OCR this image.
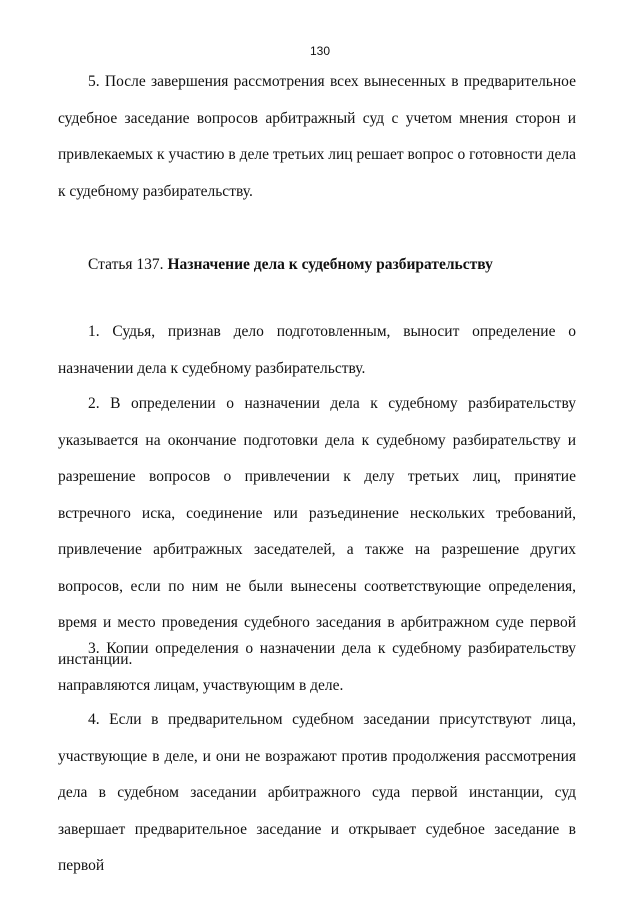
130

5. После завершения рассмотрения всех вынесенных в предварительное судебное заседание вопросов арбитражный суд с учетом мнения сторон и привлекаемых к участию в деле третьих лиц решает вопрос о готовности дела к судебному разбирательству.

Статья 137. Назначение дела к судебному разбирательству

1. Судья, признав дело подготовленным, выносит определение о назначении дела к судебному разбирательству.

2. В определении о назначении дела к судебному разбирательству указывается на окончание подготовки дела к судебному разбирательству и разрешение вопросов о привлечении к делу третьих лиц, принятие встречного иска, соединение или разъединение нескольких требований, привлечение арбитражных заседателей, а также на разрешение других вопросов, если по ним не были вынесены соответствующие определения, время и место проведения судебного заседания в арбитражном суде первой инстанции.

3. Копии определения о назначении дела к судебному разбирательству направляются лицам, участвующим в деле.

4. Если в предварительном судебном заседании присутствуют лица, участвующие в деле, и они не возражают против продолжения рассмотрения дела в судебном заседании арбитражного суда первой инстанции, суд завершает предварительное заседание и открывает судебное заседание в первой
